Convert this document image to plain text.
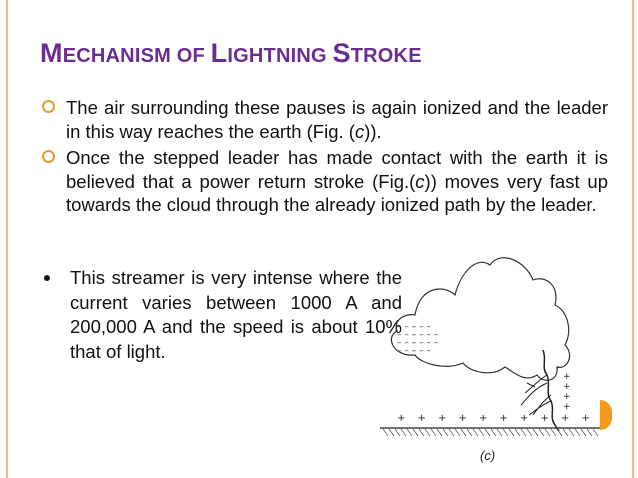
MECHANISM OF LIGHTNING STROKE
The air surrounding these pauses is again ionized and the leader in this way reaches the earth (Fig. (c)).
Once the stepped leader has made contact with the earth it is believed that a power return stroke (Fig.(c)) moves very fast up towards the cloud through the already ionized path by the leader.
This streamer is very intense where the current varies between 1000 A and 200,000 A and the speed is about 10% that of light.
– – – – –
– – – – – –
– – – – – –
– – – – –
+ + + + + + + + + +
+
+
+
+
(c)
